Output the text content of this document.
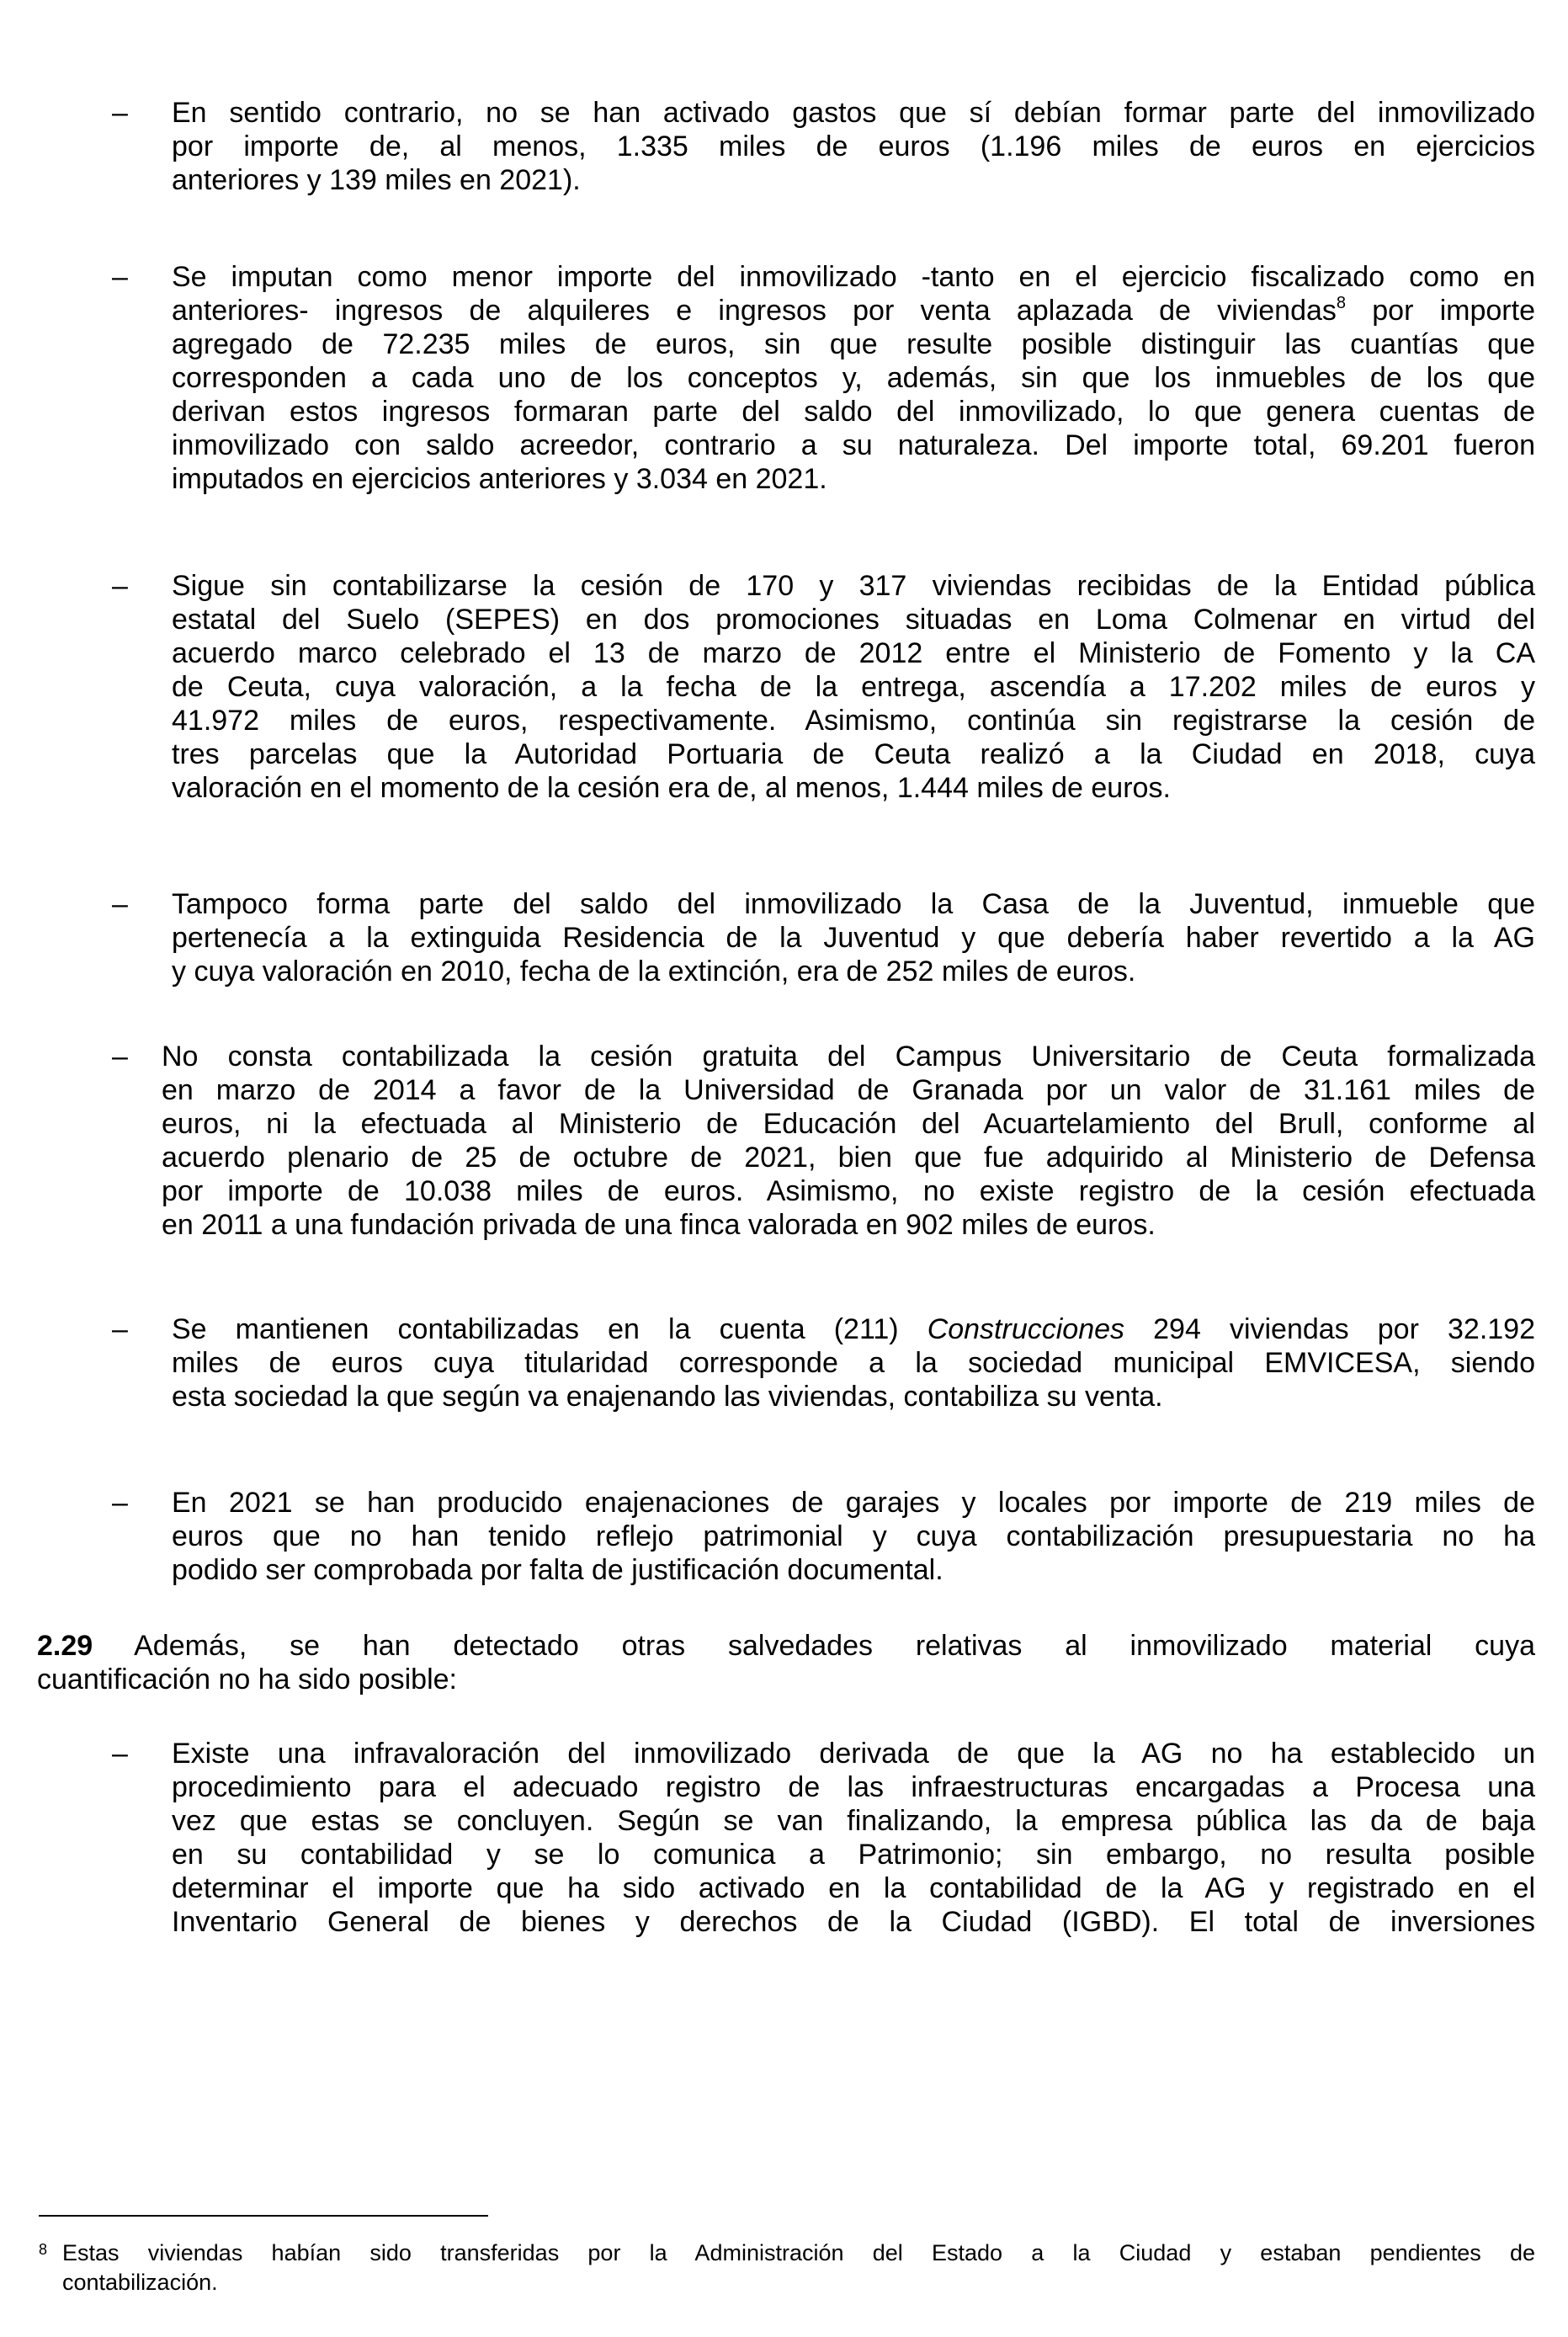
–	En sentido contrario, no se han activado gastos que sí debían formar parte del inmovilizado
por importe de, al menos, 1.335 miles de euros (1.196 miles de euros en ejercicios
anteriores y 139 miles en 2021).
–	Se imputan como menor importe del inmovilizado -tanto en el ejercicio fiscalizado como en
anteriores- ingresos de alquileres e ingresos por venta aplazada de viviendas$^8$ por importe
agregado de 72.235 miles de euros, sin que resulte posible distinguir las cuantías que
corresponden a cada uno de los conceptos y, además, sin que los inmuebles de los que
derivan estos ingresos formaran parte del saldo del inmovilizado, lo que genera cuentas de
inmovilizado con saldo acreedor, contrario a su naturaleza. Del importe total, 69.201 fueron
imputados en ejercicios anteriores y 3.034 en 2021.
–	Sigue sin contabilizarse la cesión de 170 y 317 viviendas recibidas de la Entidad pública
estatal del Suelo (SEPES) en dos promociones situadas en Loma Colmenar en virtud del
acuerdo marco celebrado el 13 de marzo de 2012 entre el Ministerio de Fomento y la CA
de Ceuta, cuya valoración, a la fecha de la entrega, ascendía a 17.202 miles de euros y
41.972 miles de euros, respectivamente. Asimismo, continúa sin registrarse la cesión de
tres parcelas que la Autoridad Portuaria de Ceuta realizó a la Ciudad en 2018, cuya
valoración en el momento de la cesión era de, al menos, 1.444 miles de euros.
–	Tampoco forma parte del saldo del inmovilizado la Casa de la Juventud, inmueble que
pertenecía a la extinguida Residencia de la Juventud y que debería haber revertido a la AG
y cuya valoración en 2010, fecha de la extinción, era de 252 miles de euros.
–	No consta contabilizada la cesión gratuita del Campus Universitario de Ceuta formalizada
en marzo de 2014 a favor de la Universidad de Granada por un valor de 31.161 miles de
euros, ni la efectuada al Ministerio de Educación del Acuartelamiento del Brull, conforme al
acuerdo plenario de 25 de octubre de 2021, bien que fue adquirido al Ministerio de Defensa
por importe de 10.038 miles de euros. Asimismo, no existe registro de la cesión efectuada
en 2011 a una fundación privada de una finca valorada en 902 miles de euros.
–	Se mantienen contabilizadas en la cuenta (211) Construcciones 294 viviendas por 32.192
miles de euros cuya titularidad corresponde a la sociedad municipal EMVICESA, siendo
esta sociedad la que según va enajenando las viviendas, contabiliza su venta.
–	En 2021 se han producido enajenaciones de garajes y locales por importe de 219 miles de
euros que no han tenido reflejo patrimonial y cuya contabilización presupuestaria no ha
podido ser comprobada por falta de justificación documental.
2.29 Además, se han detectado otras salvedades relativas al inmovilizado material cuya
cuantificación no ha sido posible:
–	Existe una infravaloración del inmovilizado derivada de que la AG no ha establecido un
procedimiento para el adecuado registro de las infraestructuras encargadas a Procesa una
vez que estas se concluyen. Según se van finalizando, la empresa pública las da de baja
en su contabilidad y se lo comunica a Patrimonio; sin embargo, no resulta posible
determinar el importe que ha sido activado en la contabilidad de la AG y registrado en el
Inventario General de bienes y derechos de la Ciudad (IGBD). El total de inversiones
8 Estas viviendas habían sido transferidas por la Administración del Estado a la Ciudad y estaban pendientes de
contabilización.
